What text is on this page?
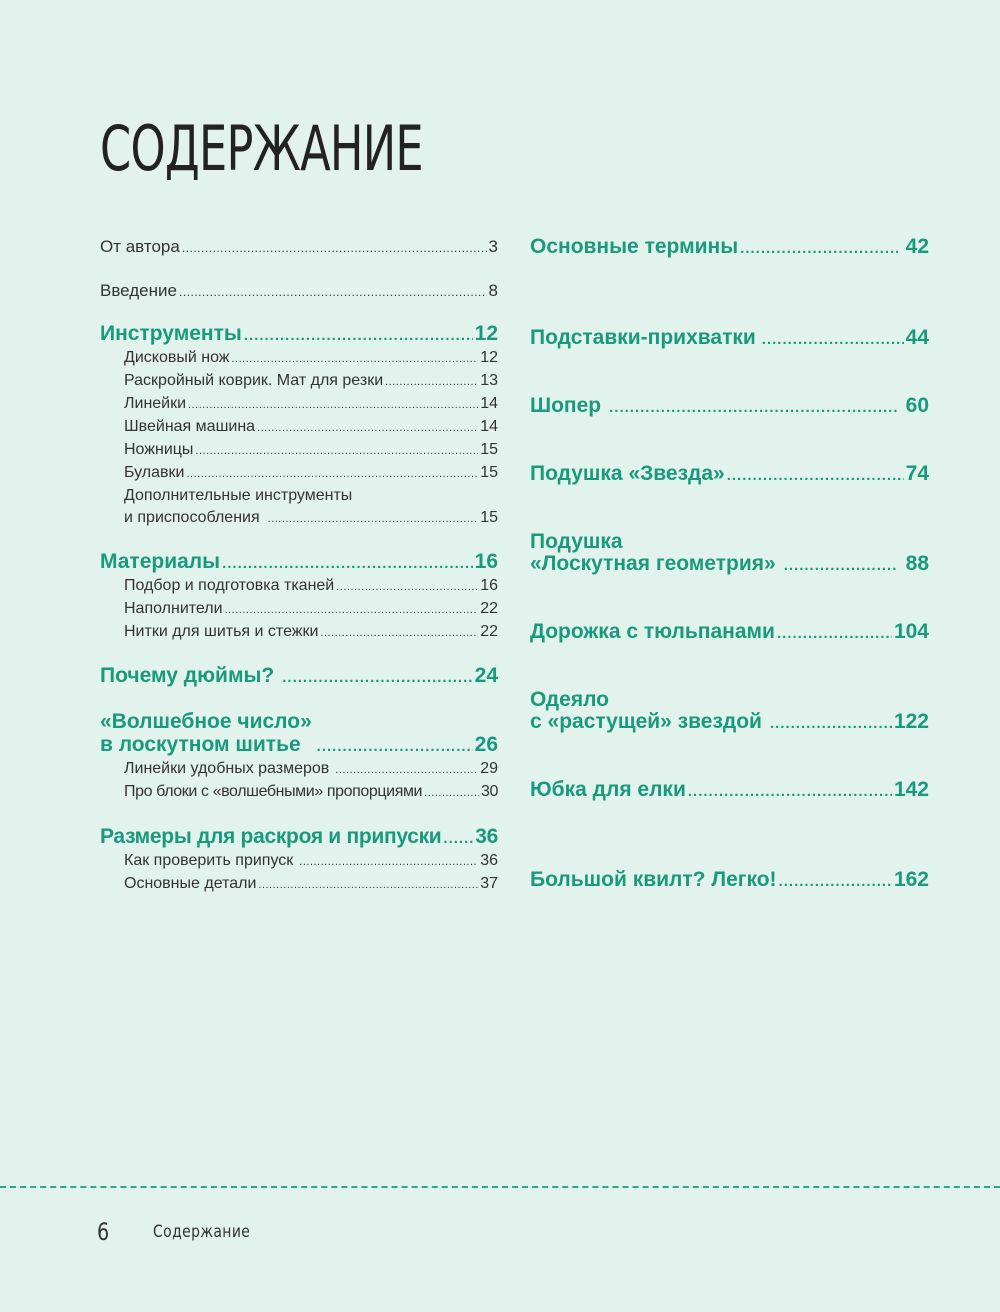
СОДЕРЖАНИЕ
От автора .....	3
Введение .....	8
Инструменты .....	12
Дисковый нож .....	12
Раскройный коврик. Мат для резки .....	13
Линейки .....	14
Швейная машина .....	14
Ножницы .....	15
Булавки .....	15
Дополнительные инструменты
и приспособления .....	15
Материалы .....	16
Подбор и подготовка тканей .....	16
Наполнители .....	22
Нитки для шитья и стежки .....	22
Почему дюймы? .....	24
«Волшебное число»
в лоскутном шитье .....	26
Линейки удобных размеров .....	29
Про блоки с «волшебными» пропорциями .....	30
Размеры для раскроя и припуски ..... 36
Как проверить припуск .....	36
Основные детали .....	37
Основные термины .....	42
Подставки-прихватки .....	44
Шопер .....	60
Подушка «Звезда» .....	74
Подушка
«Лоскутная геометрия» .....	88
Дорожка с тюльпанами .....	104
Одеяло
с «растущей» звездой .....	122
Юбка для елки .....	142
Большой квилт? Легко! .....	162
6	Содержание
